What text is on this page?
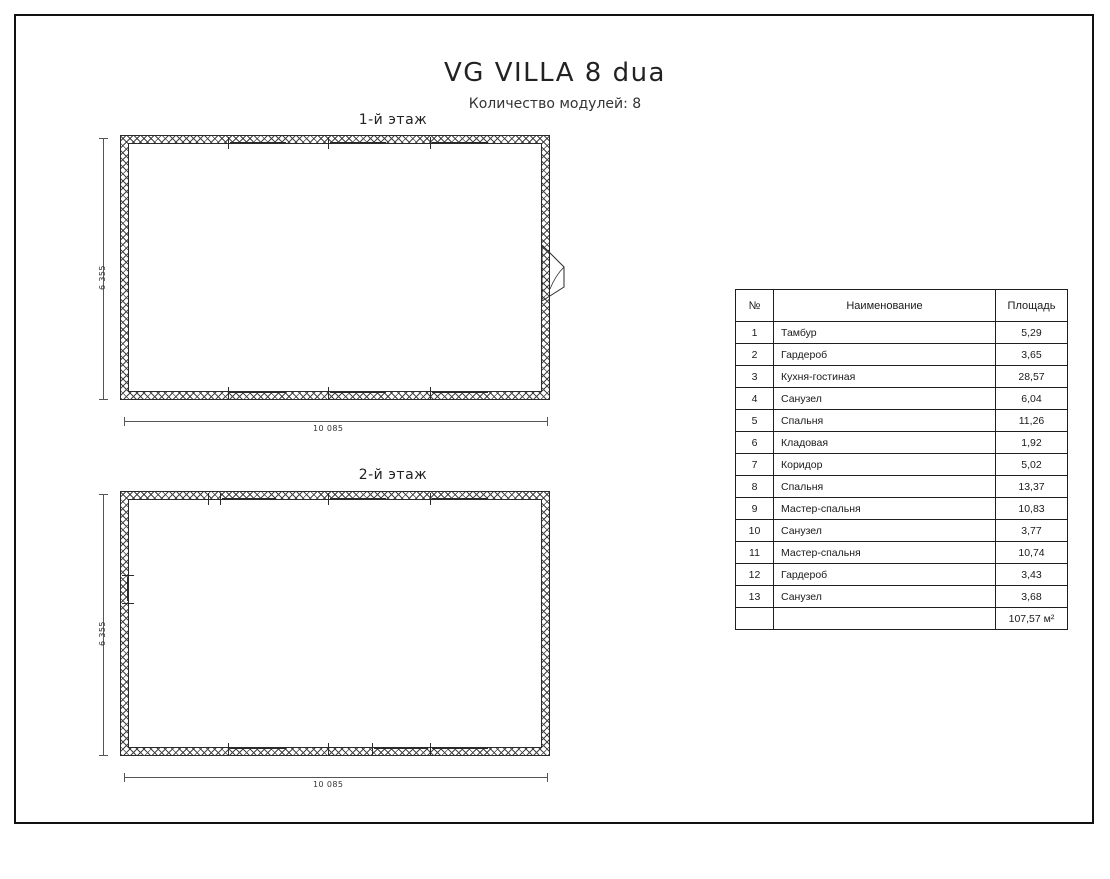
VG VILLA 8 dua
Количество модулей: 8
1-й этаж
6 355
10 085
2-й этаж
6 355
10 085
№	Наименование	Площадь
1	Тамбур	5,29
2	Гардероб	3,65
3	Кухня-гостиная	28,57
4	Санузел	6,04
5	Спальня	11,26
6	Кладовая	1,92
7	Коридор	5,02
8	Спальня	13,37
9	Мастер-спальня	10,83
10	Санузел	3,77
11	Мастер-спальня	10,74
12	Гардероб	3,43
13	Санузел	3,68
		107,57 м²
